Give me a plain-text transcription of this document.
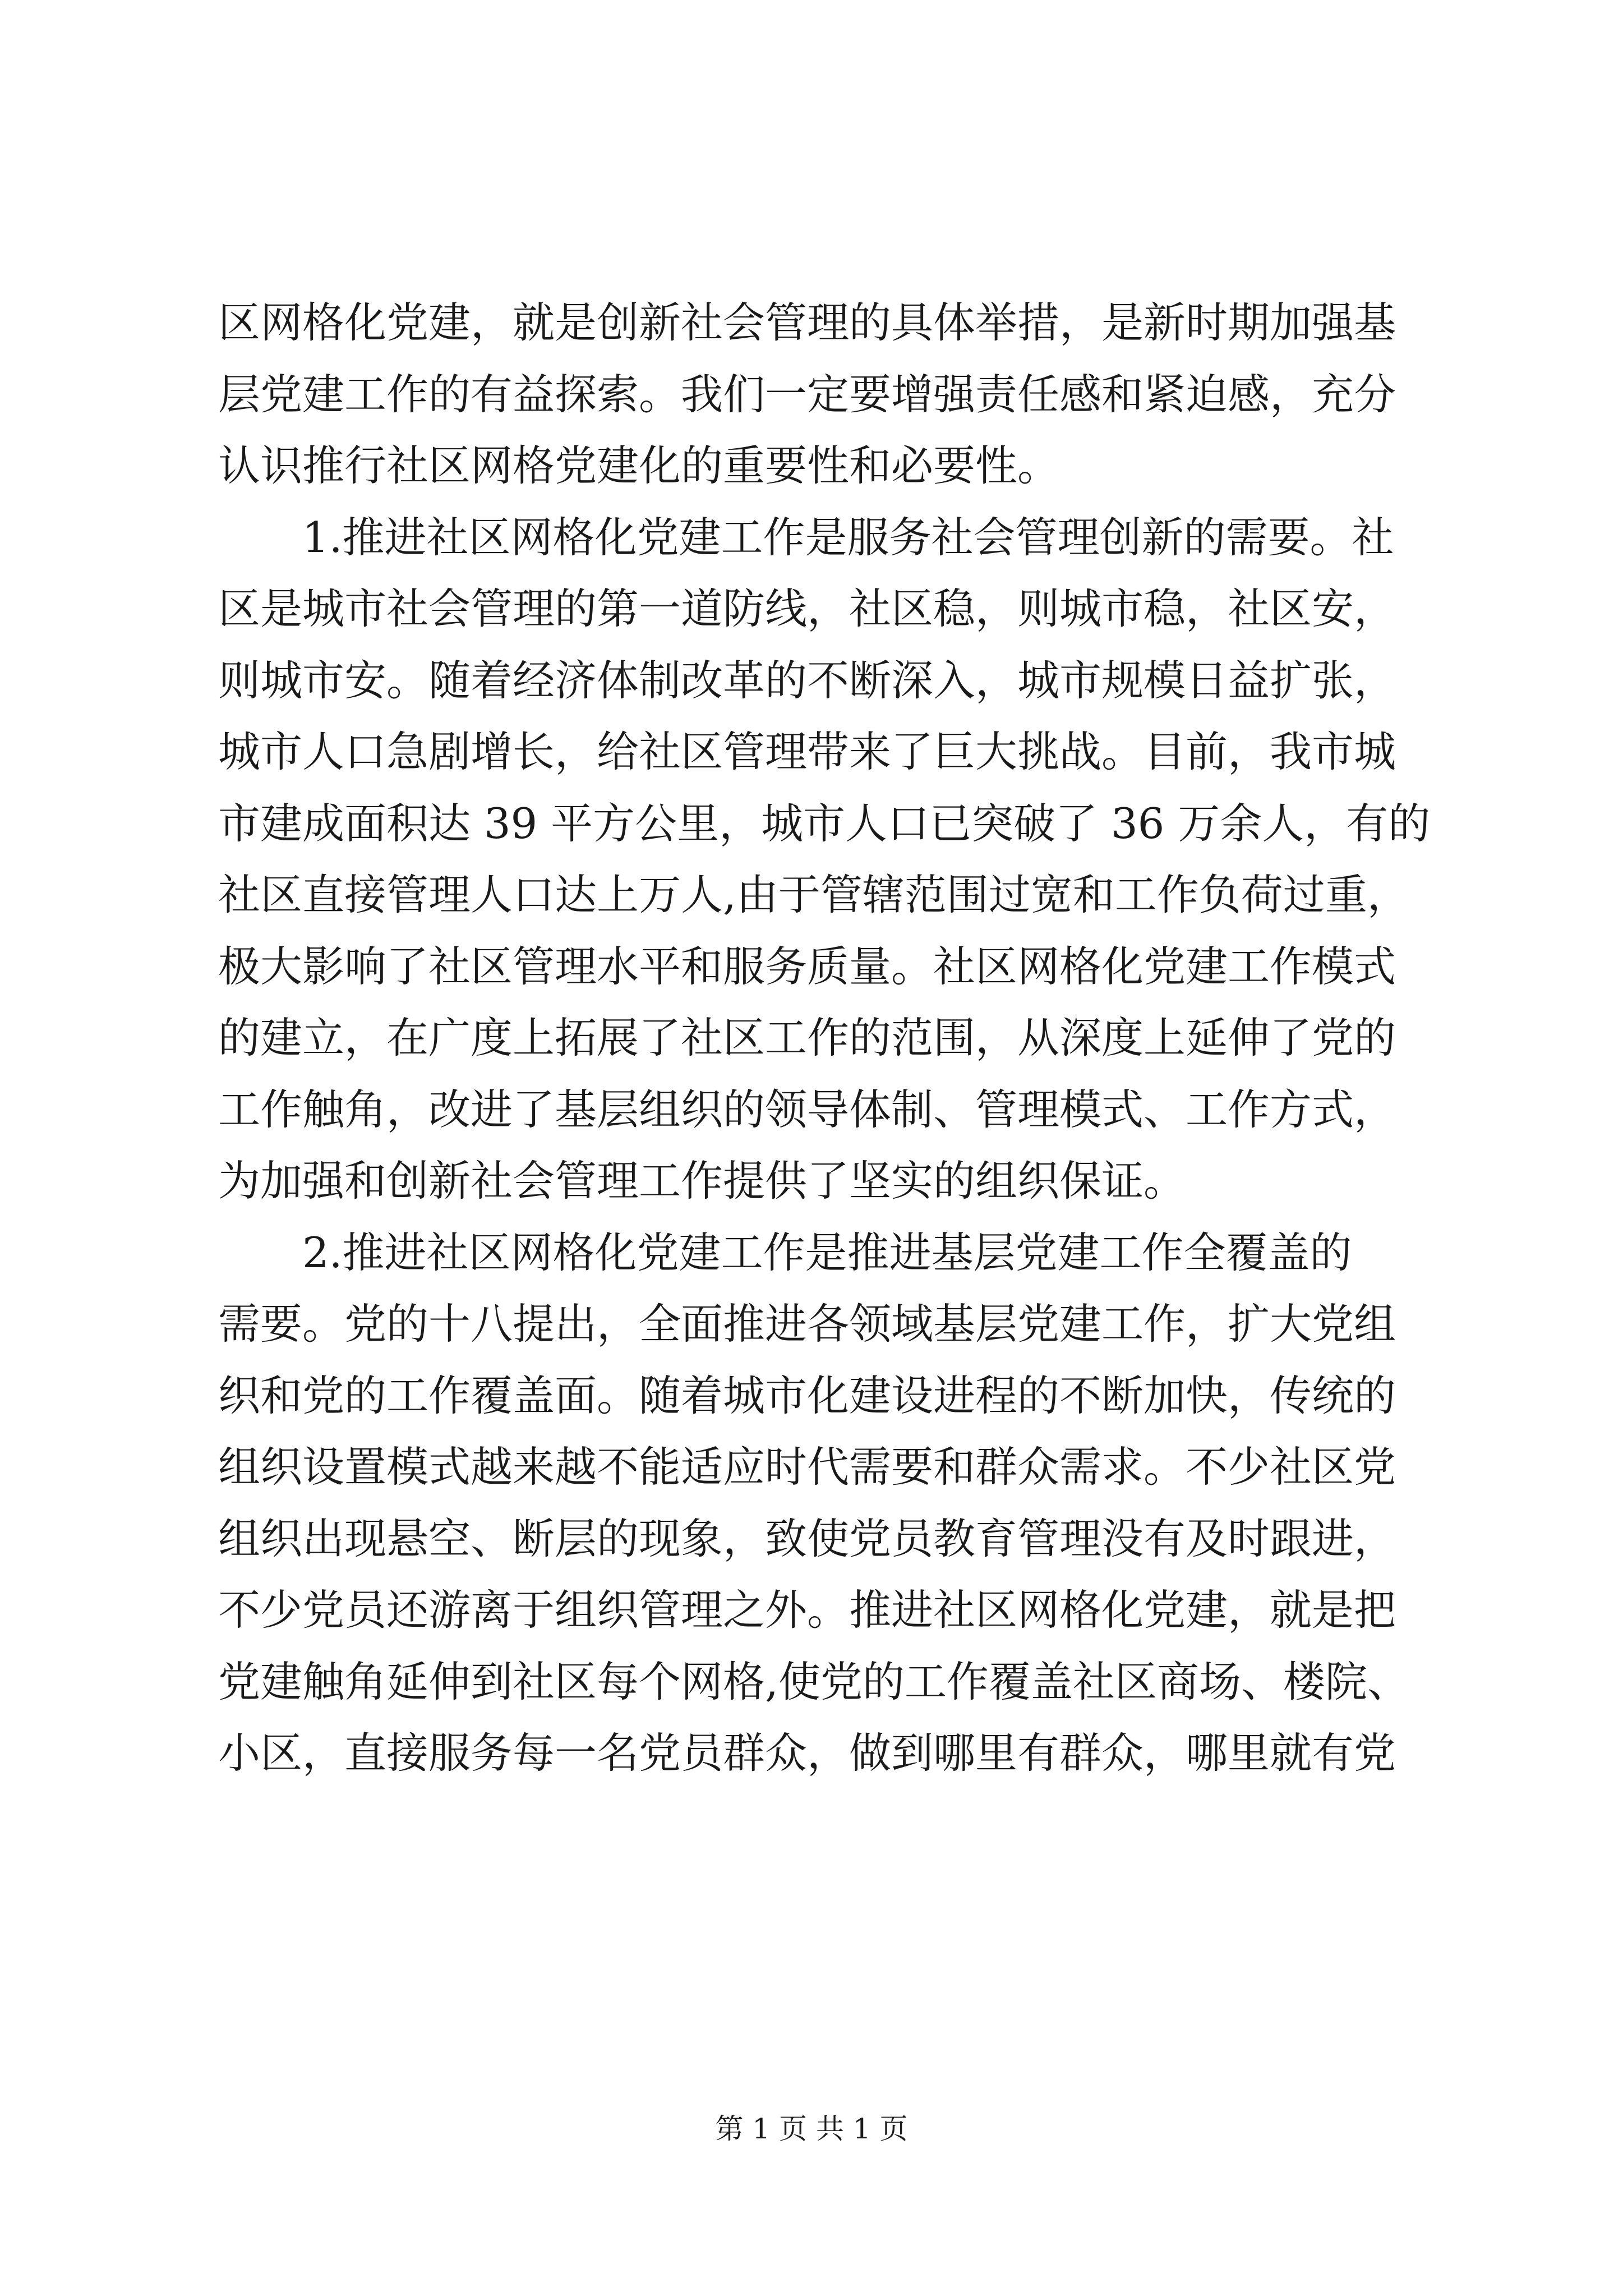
区网格化党建，就是创新社会管理的具体举措，是新时期加强基
层党建工作的有益探索。我们一定要增强责任感和紧迫感，充分
认识推行社区网格党建化的重要性和必要性。
1.推进社区网格化党建工作是服务社会管理创新的需要。社
区是城市社会管理的第一道防线，社区稳，则城市稳，社区安，
则城市安。随着经济体制改革的不断深入，城市规模日益扩张，
城市人口急剧增长，给社区管理带来了巨大挑战。目前，我市城
市建成面积达 39 平方公里，城市人口已突破了 36 万余人，有的
社区直接管理人口达上万人,由于管辖范围过宽和工作负荷过重，
极大影响了社区管理水平和服务质量。社区网格化党建工作模式
的建立，在广度上拓展了社区工作的范围，从深度上延伸了党的
工作触角，改进了基层组织的领导体制、管理模式、工作方式，
为加强和创新社会管理工作提供了坚实的组织保证。
2.推进社区网格化党建工作是推进基层党建工作全覆盖的
需要。党的十八提出，全面推进各领域基层党建工作，扩大党组
织和党的工作覆盖面。随着城市化建设进程的不断加快，传统的
组织设置模式越来越不能适应时代需要和群众需求。不少社区党
组织出现悬空、断层的现象，致使党员教育管理没有及时跟进，
不少党员还游离于组织管理之外。推进社区网格化党建，就是把
党建触角延伸到社区每个网格,使党的工作覆盖社区商场、楼院、
小区，直接服务每一名党员群众，做到哪里有群众，哪里就有党
第 1 页 共 1 页
